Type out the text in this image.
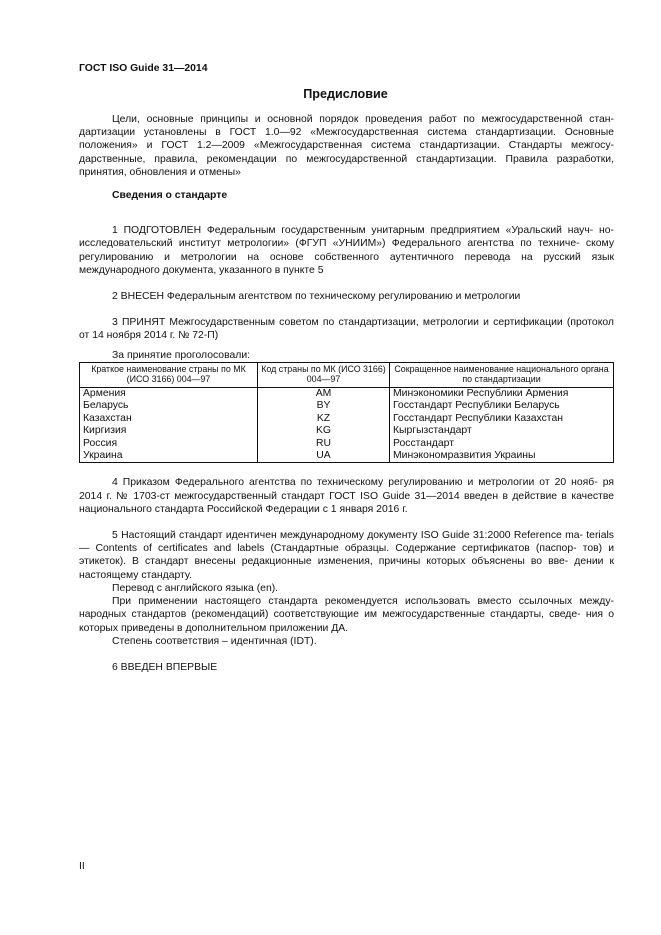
ГОСТ ISO Guide 31—2014
Предисловие

Цели, основные принципы и основной порядок проведения работ по межгосударственной стан- дартизации установлены в ГОСТ 1.0—92 «Межгосударственная система стандартизации. Основные положения» и ГОСТ 1.2—2009 «Межгосударственная система стандартизации. Стандарты межгосу- дарственные, правила, рекомендации по межгосударственной стандартизации. Правила разработки, принятия, обновления и отмены»

Сведения о стандарте

1 ПОДГОТОВЛЕН Федеральным государственным унитарным предприятием «Уральский науч- но-исследовательский институт метрологии» (ФГУП «УНИИМ») Федерального агентства по техниче- скому регулированию и метрологии на основе собственного аутентичного перевода на русский язык международного документа, указанного в пункте 5

2 ВНЕСЕН Федеральным агентством по техническому регулированию и метрологии

3 ПРИНЯТ Межгосударственным советом по стандартизации, метрологии и сертификации (протокол от 14 ноября 2014 г. № 72-П)

За принятие проголосовали:

Краткое наименование страны по МК (ИСО 3166) 004—97	Код страны по МК (ИСО 3166) 004—97	Сокращенное наименование национального органа по стандартизации
Армения	AM	Минэкономики Республики Армения
Беларусь	BY	Госстандарт Республики Беларусь
Казахстан	KZ	Госстандарт Республики Казахстан
Киргизия	KG	Кыргызстандарт
Россия	RU	Росстандарт
Украина	UA	Минэкономразвития Украины

4 Приказом Федерального агентства по техническому регулированию и метрологии от 20 нояб- ря 2014 г. № 1703-ст межгосударственный стандарт ГОСТ ISO Guide 31—2014 введен в действие в качестве национального стандарта Российской Федерации с 1 января 2016 г.

5 Настоящий стандарт идентичен международному документу ISO Guide 31:2000 Reference ma- terials — Contents of certificates and labels (Стандартные образцы. Содержание сертификатов (паспор- тов) и этикеток). В стандарт внесены редакционные изменения, причины которых объяснены во вве- дении к настоящему стандарту.

Перевод с английского языка (en).

При применении настоящего стандарта рекомендуется использовать вместо ссылочных между- народных стандартов (рекомендаций) соответствующие им межгосударственные стандарты, сведе- ния о которых приведены в дополнительном приложении ДА.

Степень соответствия – идентичная (IDT).

6 ВВЕДЕН ВПЕРВЫЕ

II
